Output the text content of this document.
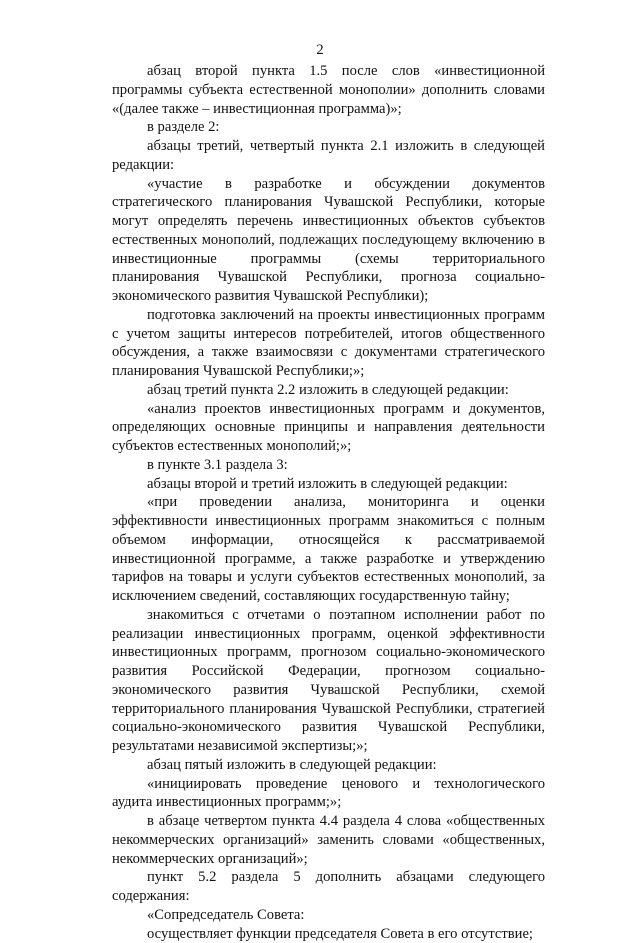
2

абзац второй пункта 1.5 после слов «инвестиционной программы субъекта естественной монополии» дополнить словами «(далее также – инвестиционная программа)»;

в разделе 2:

абзацы третий, четвертый пункта 2.1 изложить в следующей редакции:

«участие в разработке и обсуждении документов стратегического планирования Чувашской Республики, которые могут определять перечень инвестиционных объектов субъектов естественных монополий, подлежащих последующему включению в инвестиционные программы (схемы территориального планирования Чувашской Республики, прогноза социально-экономического развития Чувашской Республики);

подготовка заключений на проекты инвестиционных программ с учетом защиты интересов потребителей, итогов общественного обсуждения, а также взаимосвязи с документами стратегического планирования Чувашской Республики;»;

абзац третий пункта 2.2 изложить в следующей редакции:

«анализ проектов инвестиционных программ и документов, определяющих основные принципы и направления деятельности субъектов естественных монополий;»;

в пункте 3.1 раздела 3:

абзацы второй и третий изложить в следующей редакции:

«при проведении анализа, мониторинга и оценки эффективности инвестиционных программ знакомиться с полным объемом информации, относящейся к рассматриваемой инвестиционной программе, а также разработке и утверждению тарифов на товары и услуги субъектов естественных монополий, за исключением сведений, составляющих государственную тайну;

знакомиться с отчетами о поэтапном исполнении работ по реализации инвестиционных программ, оценкой эффективности инвестиционных программ, прогнозом социально-экономического развития Российской Федерации, прогнозом социально-экономического развития Чувашской Республики, схемой территориального планирования Чувашской Республики, стратегией социально-экономического развития Чувашской Республики, результатами независимой экспертизы;»;

абзац пятый изложить в следующей редакции:

«инициировать проведение ценового и технологического аудита инвестиционных программ;»;

в абзаце четвертом пункта 4.4 раздела 4 слова «общественных некоммерческих организаций» заменить словами «общественных, некоммерческих организаций»;

пункт 5.2 раздела 5 дополнить абзацами следующего содержания:

«Сопредседатель Совета:

осуществляет функции председателя Совета в его отсутствие;
